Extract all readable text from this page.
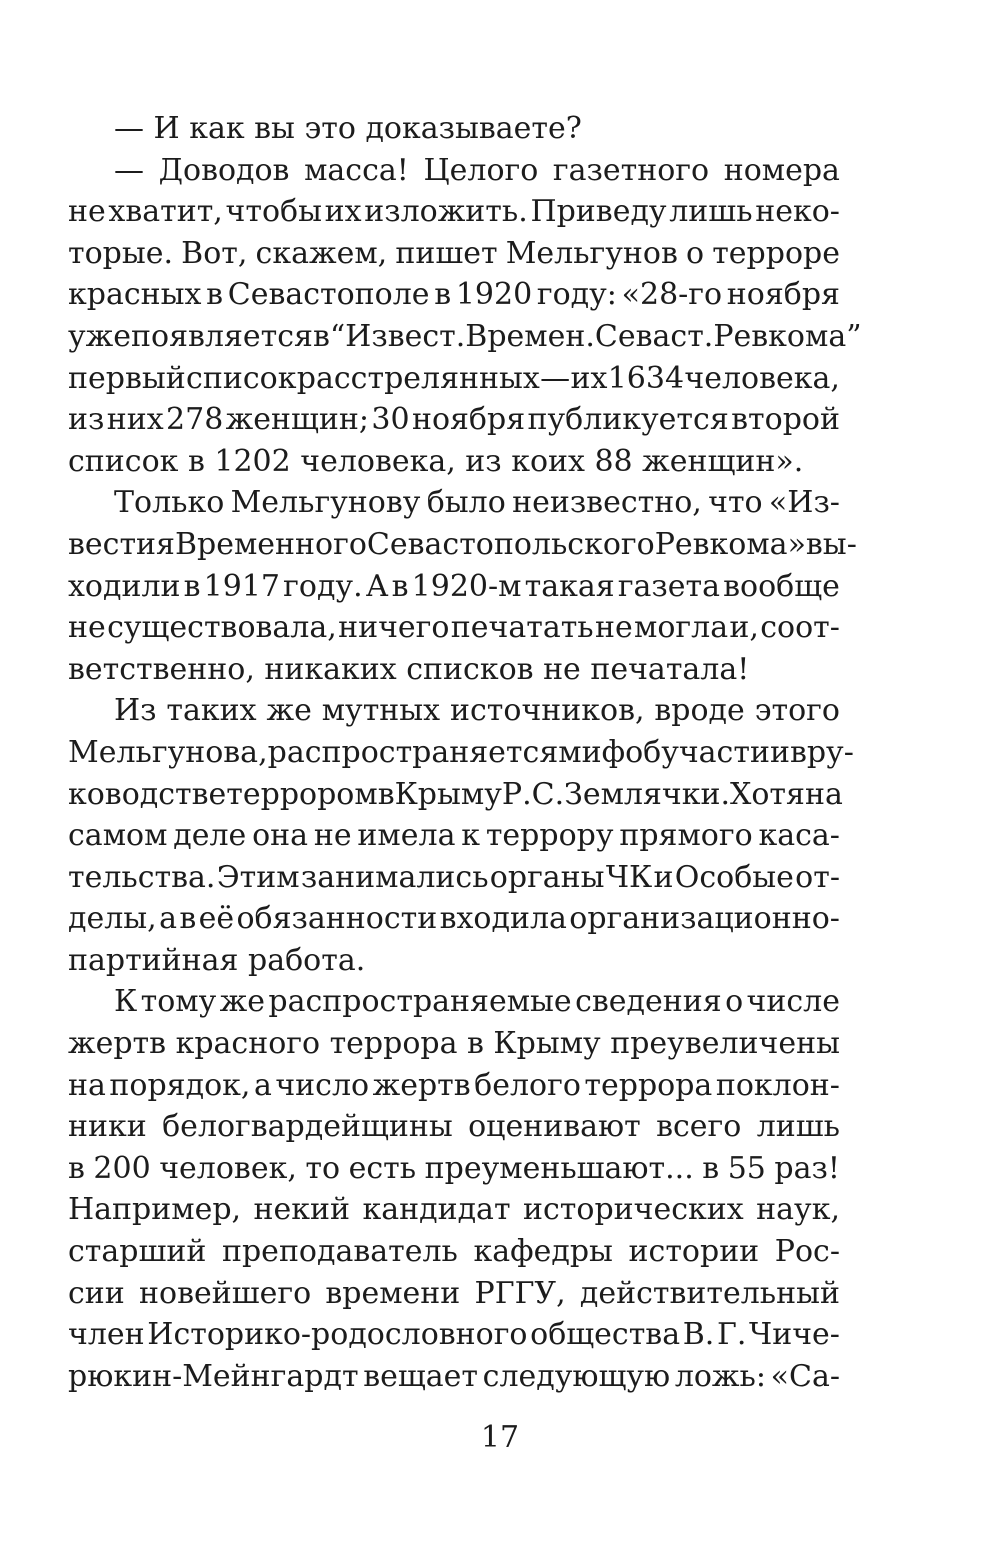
— И как вы это доказываете?
— Доводов масса! Целого газетного номера
не хватит, чтобы их изложить. Приведу лишь неко-
торые. Вот, скажем, пишет Мельгунов о терроре
красных в Севастополе в 1920 году: «28-го ноября
уже появляется в “Извест. Времен. Севаст. Ревкома”
первый список расстрелянных — их 1634 человека,
из них 278 женщин; 30 ноября публикуется второй
список в 1202 человека, из коих 88 женщин».
Только Мельгунову было неизвестно, что «Из-
вестия Временного Севастопольского Ревкома» вы-
ходили в 1917 году. А в 1920-м такая газета вообще
не существовала, ничего печатать не могла и, соот-
ветственно, никаких списков не печатала!
Из таких же мутных источников, вроде этого
Мельгунова, распространяется миф об участии в ру-
ководстве террором в Крыму Р. С. Землячки. Хотя на
самом деле она не имела к террору прямого каса-
тельства. Этим занимались органы ЧК и Особые от-
делы, а в её обязанности входила организационно-
партийная работа.
К тому же распространяемые сведения о числе
жертв красного террора в Крыму преувеличены
на порядок, а число жертв белого террора поклон-
ники белогвардейщины оценивают всего лишь
в 200 человек, то есть преуменьшают... в 55 раз!
Например, некий кандидат исторических наук,
старший преподаватель кафедры истории Рос-
сии новейшего времени РГГУ, действительный
член Историко-родословного общества В. Г. Чиче-
рюкин-Мейнгардт вещает следующую ложь: «Са-
17
